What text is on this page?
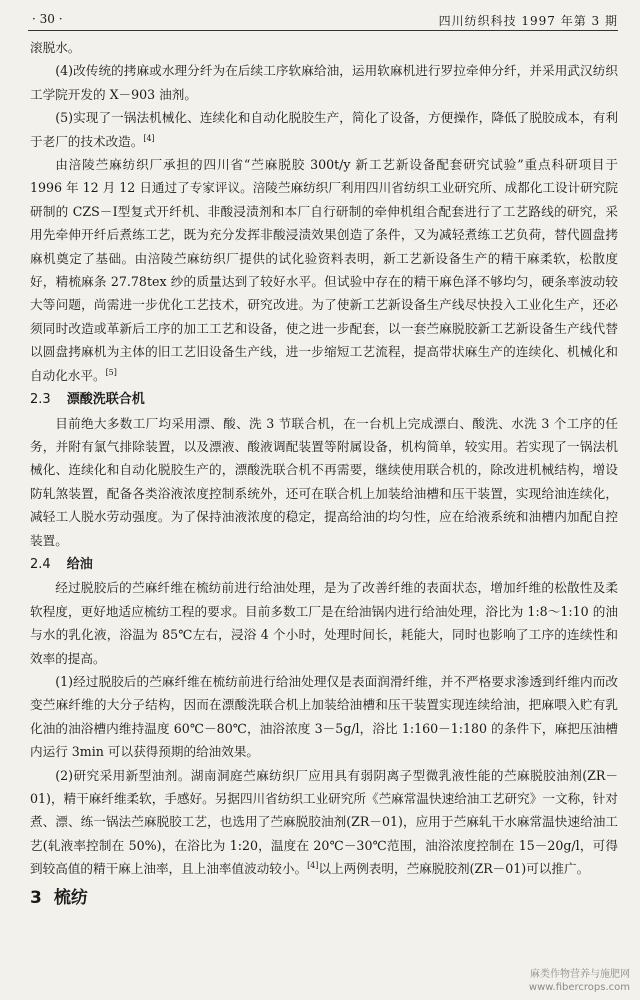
· 30 ·	四川纺织科技 1997 年第 3 期

滚脱水。

(4)改传统的拷麻或水理分纤为在后续工序软麻给油，运用软麻机进行罗拉牵伸分纤，并采用武汉纺织工学院开发的 X－903 油剂。

(5)实现了一锅法机械化、连续化和自动化脱胶生产，简化了设备，方便操作，降低了脱胶成本，有利于老厂的技术改造。[4]

由涪陵苎麻纺织厂承担的四川省“苎麻脱胶 300t/y 新工艺新设备配套研究试验”重点科研项目于 1996 年 12 月 12 日通过了专家评议。涪陵苎麻纺织厂利用四川省纺织工业研究所、成都化工设计研究院研制的 CZS－Ⅰ型复式开纤机、非酸浸渍剂和本厂自行研制的牵伸机组合配套进行了工艺路线的研究，采用先牵伸开纤后煮练工艺，既为充分发挥非酸浸渍效果创造了条件，又为减轻煮练工艺负荷，替代圆盘拷麻机奠定了基础。由涪陵苎麻纺织厂提供的试化验资料表明，新工艺新设备生产的精干麻柔软，松散度好，精梳麻条 27.78tex 纱的质量达到了较好水平。但试验中存在的精干麻色泽不够均匀，硬条率波动较大等问题，尚需进一步优化工艺技术，研究改进。为了使新工艺新设备生产线尽快投入工业化生产，还必须同时改造或革新后工序的加工工艺和设备，使之进一步配套，以一套苎麻脱胶新工艺新设备生产线代替以圆盘拷麻机为主体的旧工艺旧设备生产线，进一步缩短工艺流程，提高带状麻生产的连续化、机械化和自动化水平。[5]

2.3 漂酸洗联合机

目前绝大多数工厂均采用漂、酸、洗 3 节联合机，在一台机上完成漂白、酸洗、水洗 3 个工序的任务，并附有氯气排除装置，以及漂液、酸液调配装置等附属设备，机构简单，较实用。若实现了一锅法机械化、连续化和自动化脱胶生产的，漂酸洗联合机不再需要，继续使用联合机的，除改进机械结构，增设防轧煞装置，配备各类浴液浓度控制系统外，还可在联合机上加装给油槽和压干装置，实现给油连续化，减轻工人脱水劳动强度。为了保持油液浓度的稳定，提高给油的均匀性，应在给液系统和油槽内加配自控装置。

2.4 给油

经过脱胶后的苎麻纤维在梳纺前进行给油处理，是为了改善纤维的表面状态，增加纤维的松散性及柔软程度，更好地适应梳纺工程的要求。目前多数工厂是在给油锅内进行给油处理，浴比为 1:8～1:10 的油与水的乳化液，浴温为 85℃左右，浸浴 4 个小时，处理时间长，耗能大，同时也影响了工序的连续性和效率的提高。

(1)经过脱胶后的苎麻纤维在梳纺前进行给油处理仅是表面润滑纤维，并不严格要求渗透到纤维内而改变苎麻纤维的大分子结构，因而在漂酸洗联合机上加装给油槽和压干装置实现连续给油，把麻喂入贮有乳化油的油浴槽内维持温度 60℃－80℃，油浴浓度 3－5g/l，浴比 1:160－1:180 的条件下，麻把压油槽内运行 3min 可以获得预期的给油效果。

(2)研究采用新型油剂。湖南洞庭苎麻纺织厂应用具有弱阴离子型微乳液性能的苎麻脱胶油剂(ZR－01)，精干麻纤维柔软，手感好。另据四川省纺织工业研究所《苎麻常温快速给油工艺研究》一文称，针对煮、漂、练一锅法苎麻脱胶工艺，也选用了苎麻脱胶油剂(ZR－01)，应用于苎麻轧干水麻常温快速给油工艺(轧液率控制在 50%)，在浴比为 1:20，温度在 20℃－30℃范围，油浴浓度控制在 15－20g/l，可得到较高值的精干麻上油率，且上油率值波动较小。[4]以上两例表明，苎麻脱胶剂(ZR－01)可以推广。

3 梳纺
麻类作物营养与施肥网
www.fibercrops.com
